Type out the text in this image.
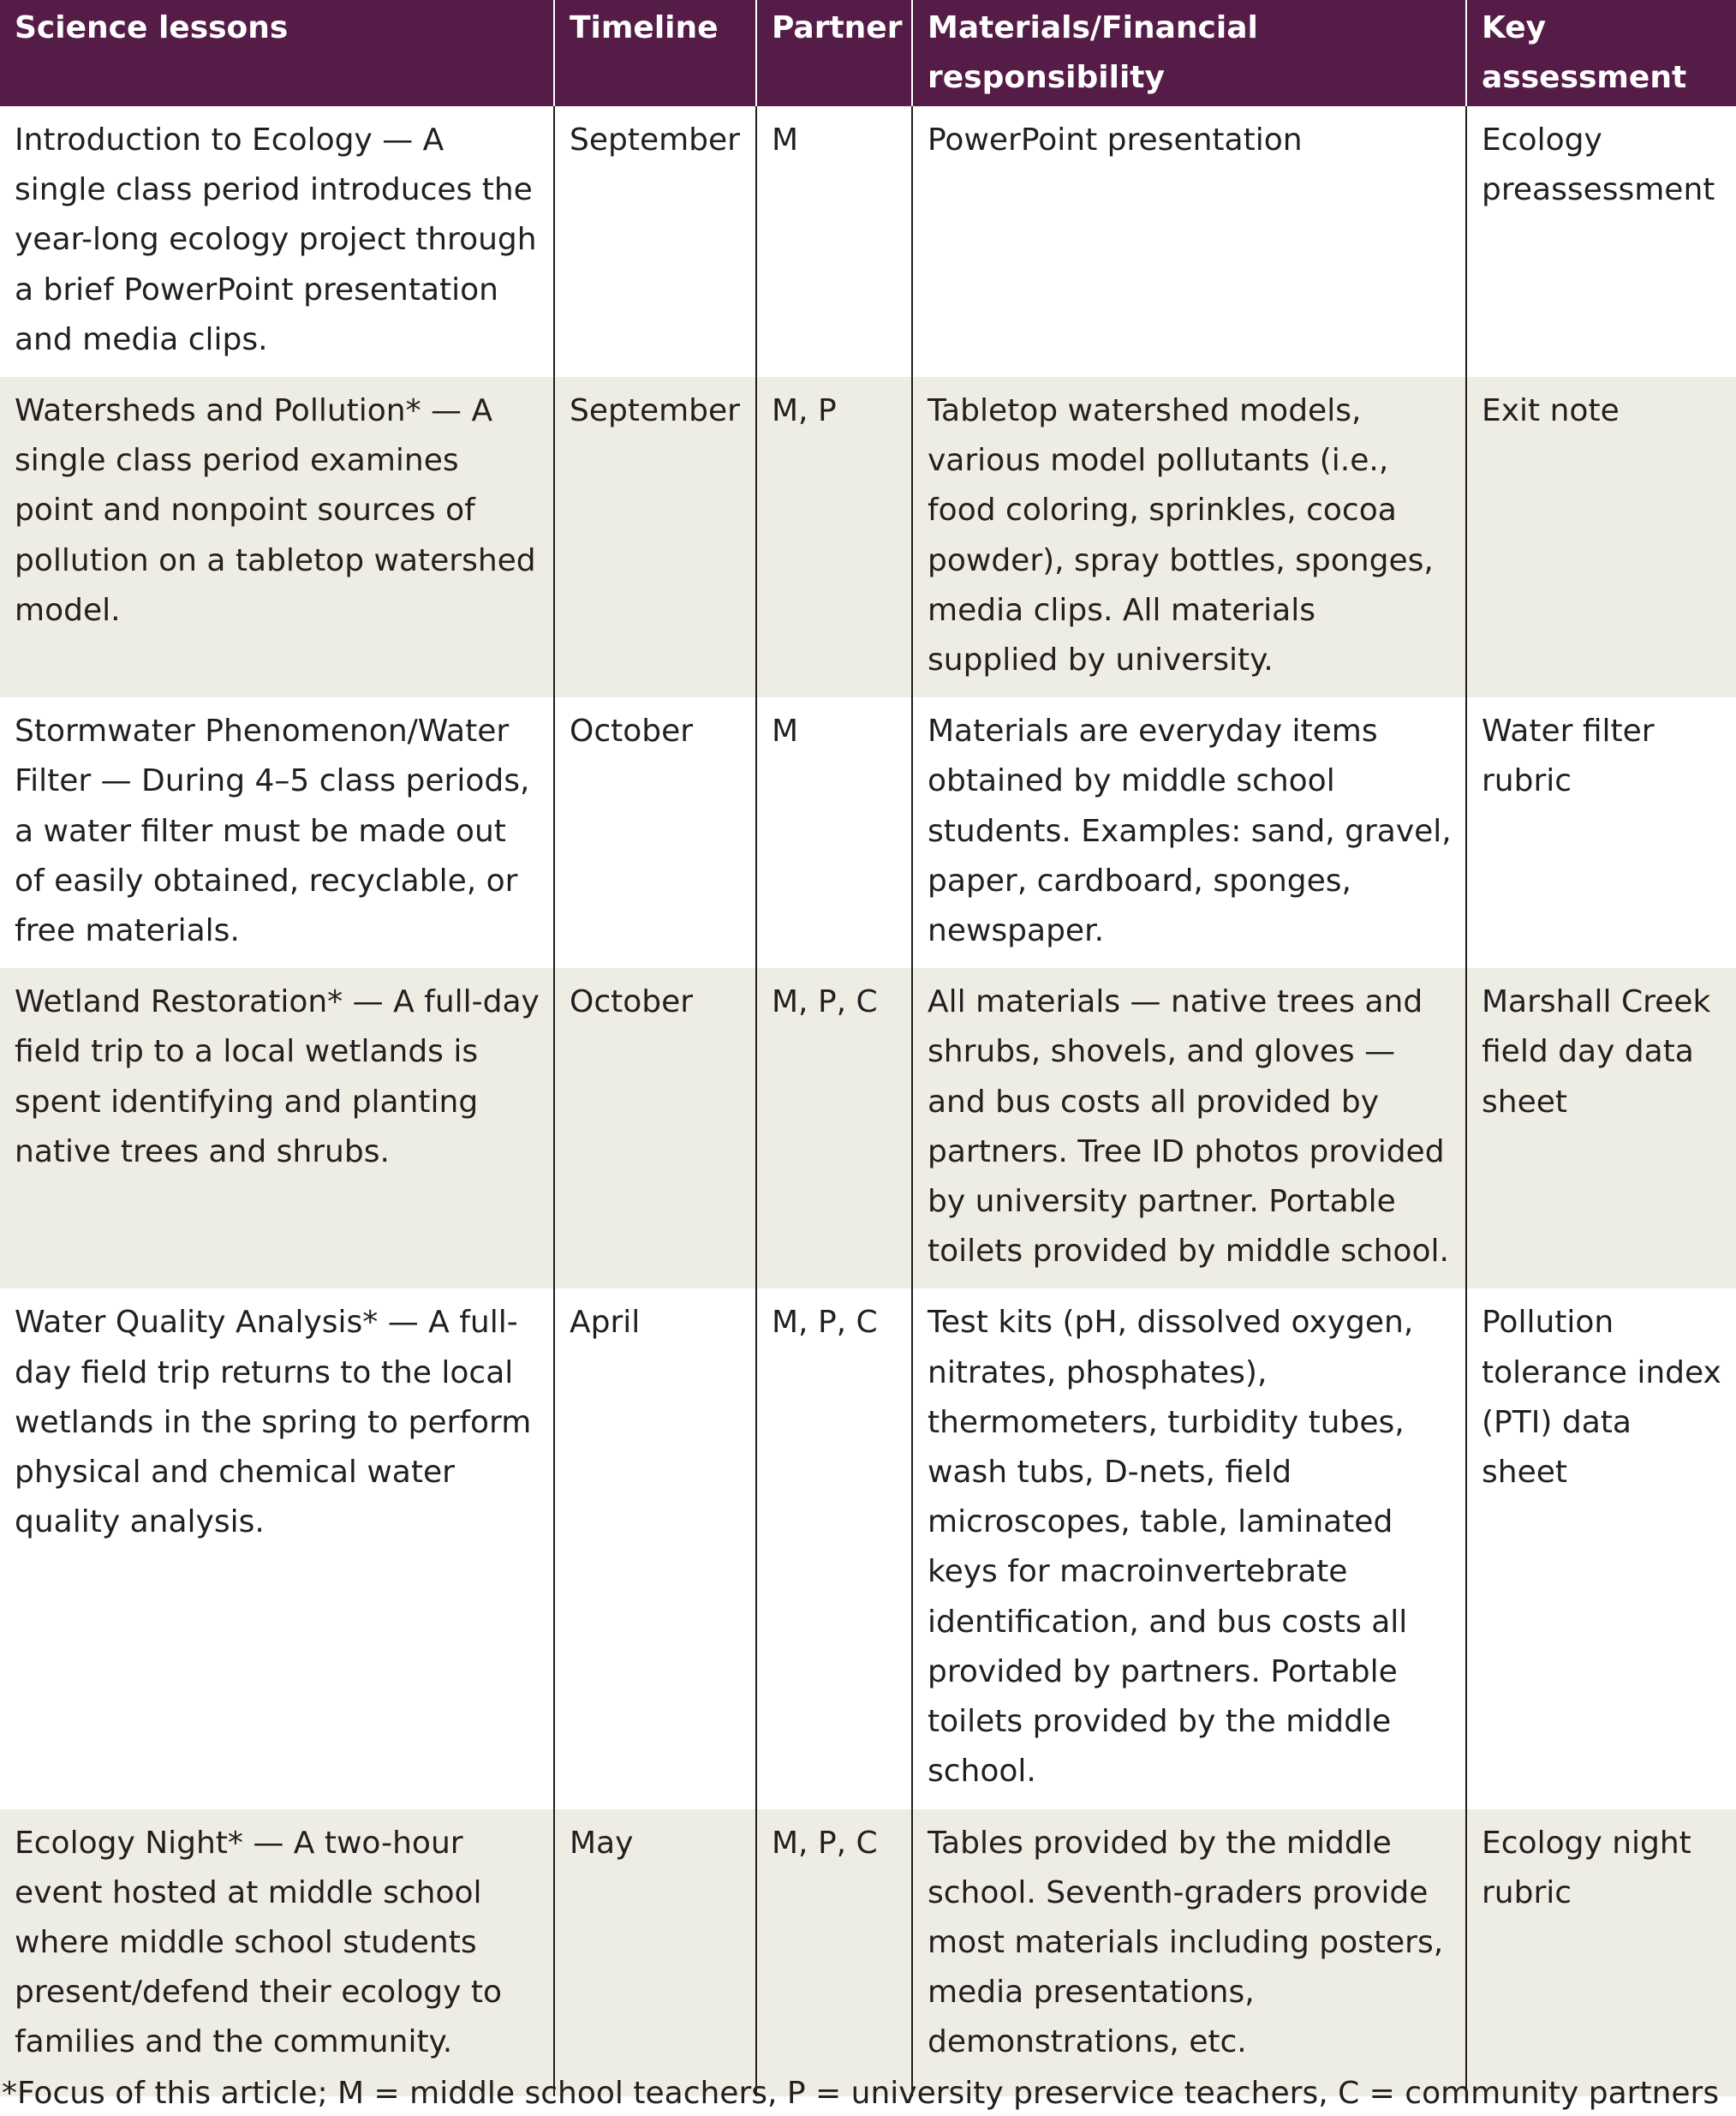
Science lessons	Timeline	Partner	Materials/Financial responsibility	Key assessment
Introduction to Ecology — A single class period introduces the year-long ecology project through a brief PowerPoint presentation and media clips.	September	M	PowerPoint presentation	Ecology preassessment
Watersheds and Pollution* — A single class period examines point and nonpoint sources of pollution on a tabletop watershed model.	September	M, P	Tabletop watershed models, various model pollutants (i.e., food coloring, sprinkles, cocoa powder), spray bottles, sponges, media clips. All materials supplied by university.	Exit note
Stormwater Phenomenon/Water Filter — During 4–5 class periods, a water filter must be made out of easily obtained, recyclable, or free materials.	October	M	Materials are everyday items obtained by middle school students. Examples: sand, gravel, paper, cardboard, sponges, newspaper.	Water filter rubric
Wetland Restoration* — A full-day field trip to a local wetlands is spent identifying and planting native trees and shrubs.	October	M, P, C	All materials — native trees and shrubs, shovels, and gloves — and bus costs all provided by partners. Tree ID photos provided by university partner. Portable toilets provided by middle school.	Marshall Creek field day data sheet
Water Quality Analysis* — A full-day field trip returns to the local wetlands in the spring to perform physical and chemical water quality analysis.	April	M, P, C	Test kits (pH, dissolved oxygen, nitrates, phosphates), thermometers, turbidity tubes, wash tubs, D-nets, field microscopes, table, laminated keys for macroinvertebrate identification, and bus costs all provided by partners. Portable toilets provided by the middle school.	Pollution tolerance index (PTI) data sheet
Ecology Night* — A two-hour event hosted at middle school where middle school students present/defend their ecology to families and the community.	May	M, P, C	Tables provided by the middle school. Seventh-graders provide most materials including posters, media presentations, demonstrations, etc.	Ecology night rubric
*Focus of this article; M = middle school teachers, P = university preservice teachers, C = community partners
